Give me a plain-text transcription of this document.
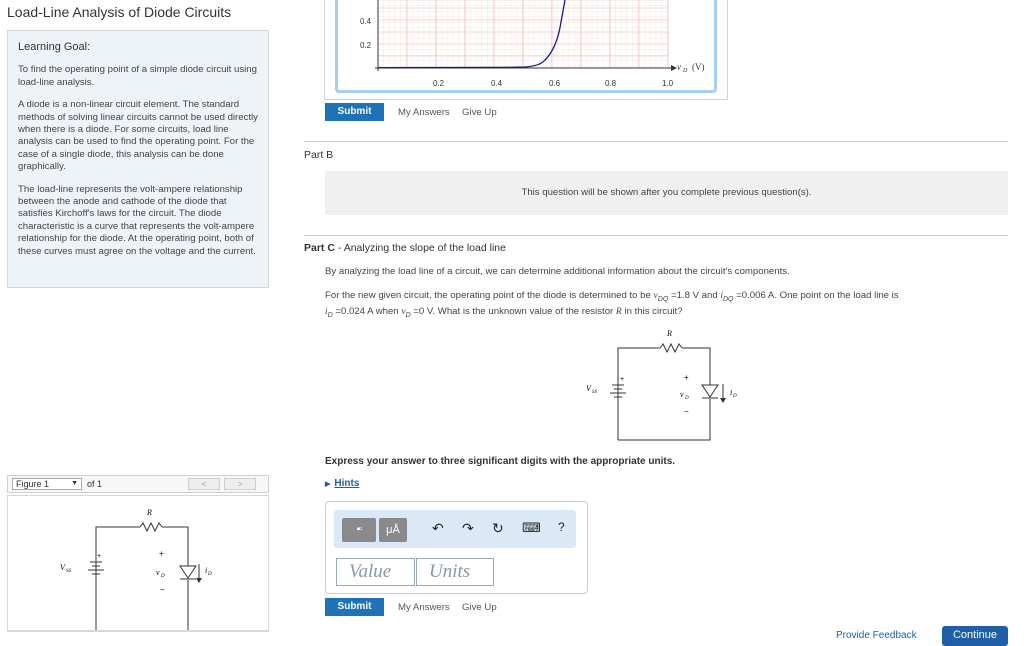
Load-Line Analysis of Diode Circuits
Learning Goal:

To find the operating point of a simple diode circuit using load-line analysis.

A diode is a non-linear circuit element. The standard methods of solving linear circuits cannot be used directly when there is a diode. For some circuits, load line analysis can be used to find the operating point. For the case of a single diode, this analysis can be done graphically.

The load-line represents the volt-ampere relationship between the anode and cathode of the diode that satisfies Kirchoff's laws for the circuit. The diode characteristic is a curve that represents the volt-ampere relationship for the diode. At the operating point, both of these curves must agree on the voltage and the current.

Figure 1	▼ of 1	<	>
R
V SS
+	+
−
v D
i D
0.4
0.2
0.2	0.4	0.6	0.8	1.0
v D (V)
Submit	My Answers Give Up
Part B
This question will be shown after you complete previous question(s).
Part C - Analyzing the slope of the load line
By analyzing the load line of a circuit, we can determine additional information about the circuit's components.
For the new given circuit, the operating point of the diode is determined to be $v_{DQ} =1.8$ V and $i_{DQ} =0.006$ A. One point on the load line is
$i_D =0.024$ A when $v_D =0$ V. What is the unknown value of the resistor R in this circuit?
R
V SS
+	+
−
v D
i D
Express your answer to three significant digits with the appropriate units.
▶ Hints
▪▫	μÅ	↶ ↷ ↻ ⌨ ?
Value	Units
Submit	My Answers Give Up
Provide Feedback	Continue
